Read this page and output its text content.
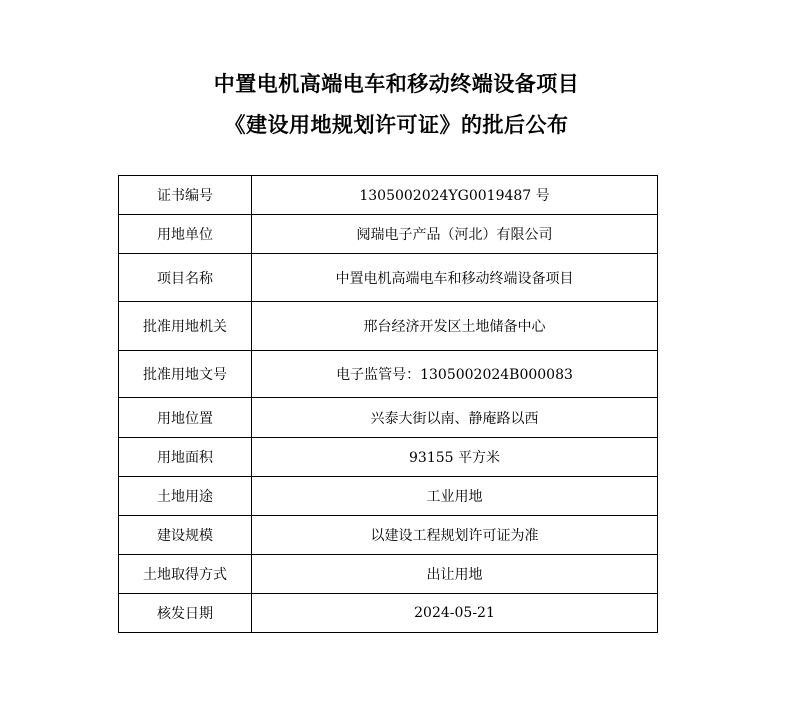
中置电机高端电车和移动终端设备项目
《建设用地规划许可证》的批后公布
证书编号	1305002024YG0019487 号
用地单位	阋瑞电子产品（河北）有限公司
项目名称	中置电机高端电车和移动终端设备项目
批准用地机关	邢台经济开发区土地储备中心
批准用地文号	电子监管号：1305002024B000083
用地位置	兴泰大街以南、静庵路以西
用地面积	93155 平方米
土地用途	工业用地
建设规模	以建设工程规划许可证为准
土地取得方式	出让用地
核发日期	2024-05-21
